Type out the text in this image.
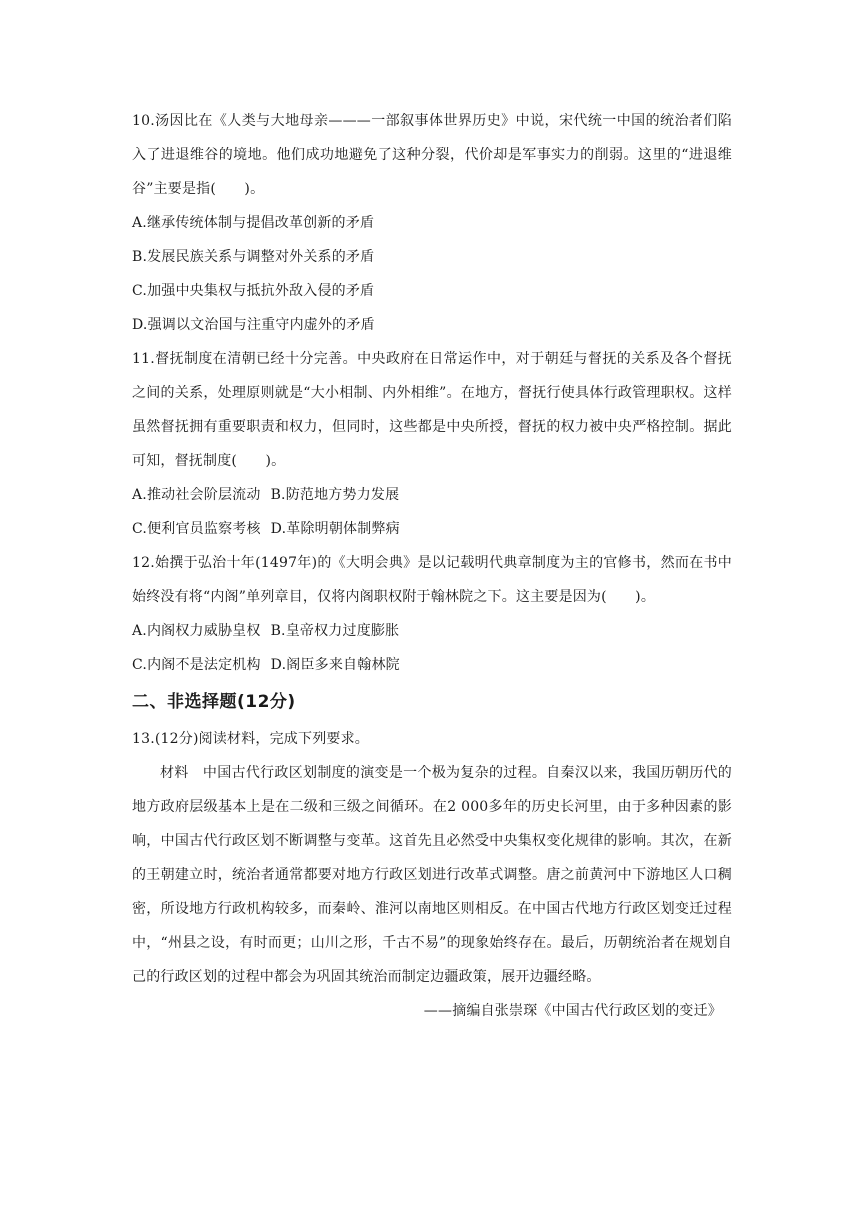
10.汤因比在《人类与大地母亲———一部叙事体世界历史》中说，宋代统一中国的统治者们陷入了进退维谷的境地。他们成功地避免了这种分裂，代价却是军事实力的削弱。这里的“进退维谷”主要是指(　　)。

A.继承传统体制与提倡改革创新的矛盾

B.发展民族关系与调整对外关系的矛盾

C.加强中央集权与抵抗外敌入侵的矛盾

D.强调以文治国与注重守内虚外的矛盾

11.督抚制度在清朝已经十分完善。中央政府在日常运作中，对于朝廷与督抚的关系及各个督抚之间的关系，处理原则就是“大小相制、内外相维”。在地方，督抚行使具体行政管理职权。这样虽然督抚拥有重要职责和权力，但同时，这些都是中央所授，督抚的权力被中央严格控制。据此可知，督抚制度(　　)。

A.推动社会阶层流动 B.防范地方势力发展

C.便利官员监察考核 D.革除明朝体制弊病

12.始撰于弘治十年(1497年)的《大明会典》是以记载明代典章制度为主的官修书，然而在书中始终没有将“内阁”单列章目，仅将内阁职权附于翰林院之下。这主要是因为(　　)。

A.内阁权力威胁皇权 B.皇帝权力过度膨胀

C.内阁不是法定机构 D.阁臣多来自翰林院

二、非选择题(12分)

13.(12分)阅读材料，完成下列要求。

材料　中国古代行政区划制度的演变是一个极为复杂的过程。自秦汉以来，我国历朝历代的地方政府层级基本上是在二级和三级之间循环。在2 000多年的历史长河里，由于多种因素的影响，中国古代行政区划不断调整与变革。这首先且必然受中央集权变化规律的影响。其次，在新的王朝建立时，统治者通常都要对地方行政区划进行改革式调整。唐之前黄河中下游地区人口稠密，所设地方行政机构较多，而秦岭、淮河以南地区则相反。在中国古代地方行政区划变迁过程中，“州县之设，有时而更；山川之形，千古不易”的现象始终存在。最后，历朝统治者在规划自己的行政区划的过程中都会为巩固其统治而制定边疆政策，展开边疆经略。

——摘编自张崇琛《中国古代行政区划的变迁》
